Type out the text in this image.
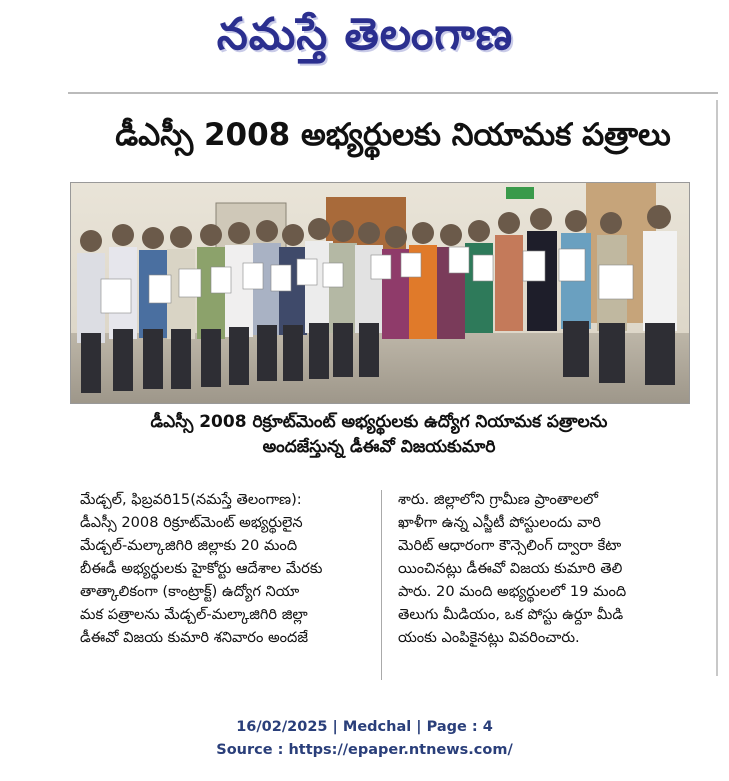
నమస్తే తెలంగాణ
డీఎస్సీ 2008 అభ్యర్థులకు నియామక పత్రాలు
డీఎస్సీ 2008 రిక్రూట్‌మెంట్ అభ్యర్థులకు ఉద్యోగ నియామక పత్రాలను
అందజేస్తున్న డీఈవో విజయకుమారి
మేడ్చల్, ఫిబ్రవరి15(నమస్తే తెలంగాణ):
డీఎస్సీ 2008 రిక్రూట్‌మెంట్ అభ్యర్థులైన
మేడ్చల్-మల్కాజిగిరి జిల్లాకు 20 మంది
బీఈడీ అభ్యర్థులకు హైకోర్టు ఆదేశాల మేరకు
తాత్కాలికంగా (కాంట్రాక్ట్) ఉద్యోగ నియా
మక పత్రాలను మేడ్చల్-మల్కాజిగిరి జిల్లా
డీఈవో విజయ కుమారి శనివారం అందజే
శారు. జిల్లాలోని గ్రామీణ ప్రాంతాలలో
ఖాళీగా ఉన్న ఎస్జీటీ పోస్టులందు వారి
మెరిట్ ఆధారంగా కౌన్సెలింగ్ ద్వారా కేటా
యించినట్లు డీఈవో విజయ కుమారి తెలి
పారు. 20 మంది అభ్యర్థులలో 19 మంది
తెలుగు మీడియం, ఒక పోస్టు ఉర్దూ మీడి
యంకు ఎంపికైనట్లు వివరించారు.
16/02/2025 | Medchal | Page : 4
Source : https://epaper.ntnews.com/
